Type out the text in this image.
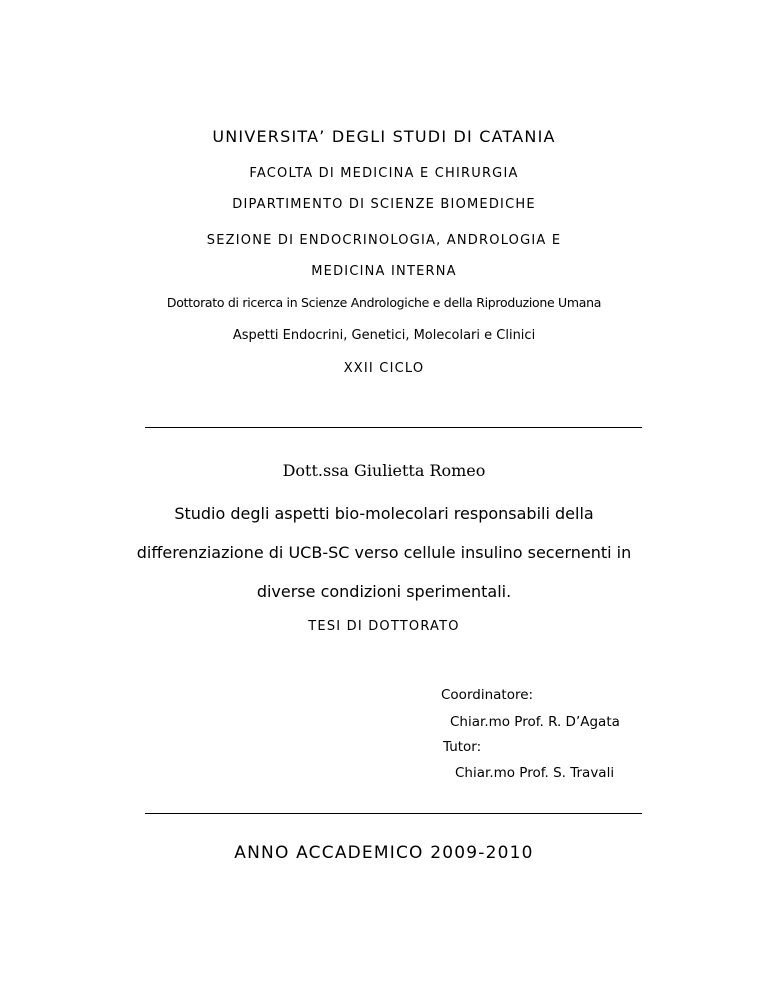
UNIVERSITA’ DEGLI STUDI DI CATANIA
FACOLTA DI MEDICINA E CHIRURGIA
DIPARTIMENTO DI SCIENZE BIOMEDICHE
SEZIONE DI ENDOCRINOLOGIA, ANDROLOGIA E
MEDICINA INTERNA
Dottorato di ricerca in Scienze Andrologiche e della Riproduzione Umana
Aspetti Endocrini, Genetici, Molecolari e Clinici
XXII CICLO
Dott.ssa Giulietta Romeo
Studio degli aspetti bio-molecolari responsabili della
differenziazione di UCB-SC verso cellule insulino secernenti in
diverse condizioni sperimentali.
TESI DI DOTTORATO
Coordinatore:
Chiar.mo Prof. R. D’Agata
Tutor:
Chiar.mo Prof. S. Travali
ANNO ACCADEMICO 2009-2010
